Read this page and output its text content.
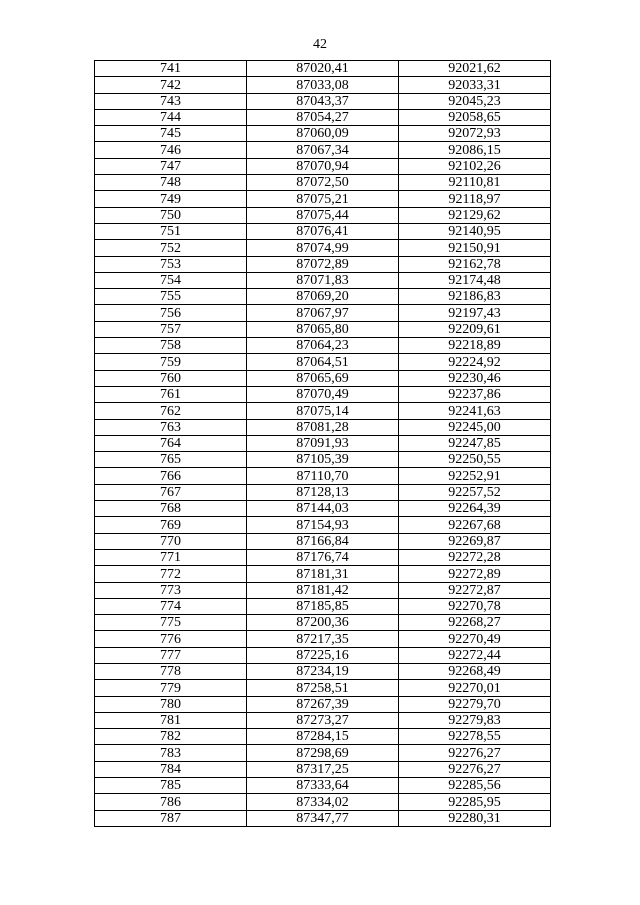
42
741	87020,41	92021,62
742	87033,08	92033,31
743	87043,37	92045,23
744	87054,27	92058,65
745	87060,09	92072,93
746	87067,34	92086,15
747	87070,94	92102,26
748	87072,50	92110,81
749	87075,21	92118,97
750	87075,44	92129,62
751	87076,41	92140,95
752	87074,99	92150,91
753	87072,89	92162,78
754	87071,83	92174,48
755	87069,20	92186,83
756	87067,97	92197,43
757	87065,80	92209,61
758	87064,23	92218,89
759	87064,51	92224,92
760	87065,69	92230,46
761	87070,49	92237,86
762	87075,14	92241,63
763	87081,28	92245,00
764	87091,93	92247,85
765	87105,39	92250,55
766	87110,70	92252,91
767	87128,13	92257,52
768	87144,03	92264,39
769	87154,93	92267,68
770	87166,84	92269,87
771	87176,74	92272,28
772	87181,31	92272,89
773	87181,42	92272,87
774	87185,85	92270,78
775	87200,36	92268,27
776	87217,35	92270,49
777	87225,16	92272,44
778	87234,19	92268,49
779	87258,51	92270,01
780	87267,39	92279,70
781	87273,27	92279,83
782	87284,15	92278,55
783	87298,69	92276,27
784	87317,25	92276,27
785	87333,64	92285,56
786	87334,02	92285,95
787	87347,77	92280,31
